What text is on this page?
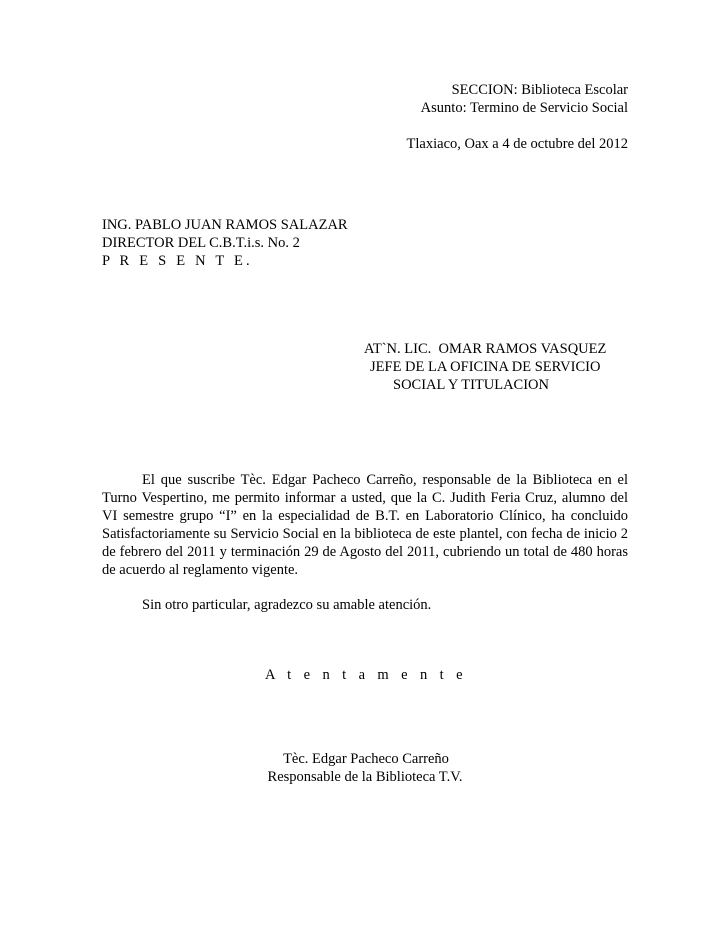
SECCION: Biblioteca Escolar
Asunto: Termino de Servicio Social
Tlaxiaco, Oax a 4 de octubre del 2012
ING. PABLO JUAN RAMOS SALAZAR
DIRECTOR DEL C.B.T.i.s. No. 2
P R E S E N T E.
AT`N. LIC.  OMAR RAMOS VASQUEZ
JEFE DE LA OFICINA DE SERVICIO
SOCIAL Y TITULACION

El que suscribe Tèc. Edgar Pacheco Carreño, responsable de la Biblioteca en el Turno Vespertino, me permito informar a usted, que la C. Judith Feria Cruz, alumno del VI semestre grupo “I” en la especialidad de B.T. en Laboratorio Clínico, ha concluido Satisfactoriamente su Servicio Social en la biblioteca de este plantel, con fecha de inicio 2 de febrero del 2011 y terminación 29 de Agosto del 2011, cubriendo un total de 480 horas de acuerdo al reglamento vigente.

Sin otro particular, agradezco su amable atención.

A t e n t a m e n t e
Tèc. Edgar Pacheco Carreño
Responsable de la Biblioteca T.V.
